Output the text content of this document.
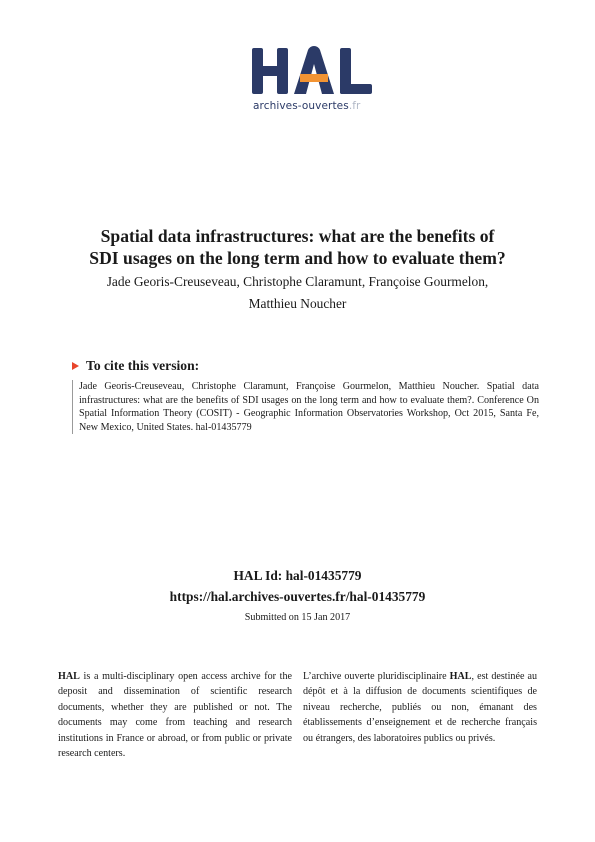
archives-ouvertes.fr
Spatial data infrastructures: what are the benefits of
SDI usages on the long term and how to evaluate them?
Jade Georis-Creuseveau, Christophe Claramunt, Françoise Gourmelon,
Matthieu Noucher
To cite this version:
Jade Georis-Creuseveau, Christophe Claramunt, Françoise Gourmelon, Matthieu Noucher. Spatial data infrastructures: what are the benefits of SDI usages on the long term and how to evaluate them?. Conference On Spatial Information Theory (COSIT) - Geographic Information Observatories Workshop, Oct 2015, Santa Fe, New Mexico, United States. hal-01435779
HAL Id: hal-01435779
https://hal.archives-ouvertes.fr/hal-01435779
Submitted on 15 Jan 2017
HAL is a multi-disciplinary open access archive for the deposit and dissemination of scientific research documents, whether they are published or not. The documents may come from teaching and research institutions in France or abroad, or from public or private research centers.
L’archive ouverte pluridisciplinaire HAL, est destinée au dépôt et à la diffusion de documents scientifiques de niveau recherche, publiés ou non, émanant des établissements d’enseignement et de recherche français ou étrangers, des laboratoires publics ou privés.
